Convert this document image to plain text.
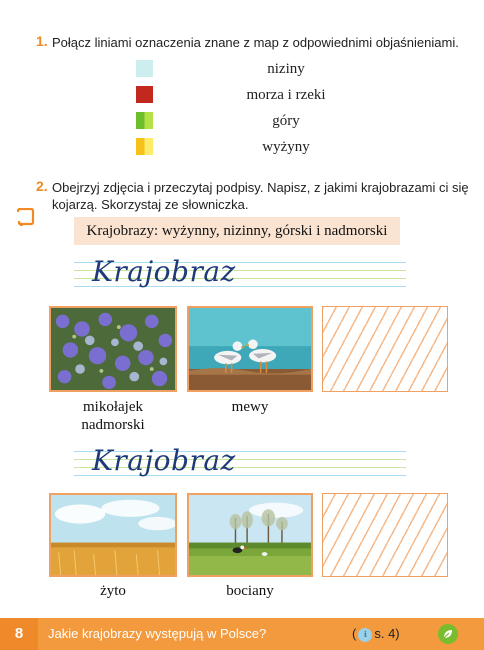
1. Połącz liniami oznaczenia znane z map z odpowiednimi objaśnieniami.
niziny
morza i rzeki
góry
wyżyny
2. Obejrzyj zdjęcia i przeczytaj podpisy. Napisz, z jakimi krajobrazami ci się
kojarzą. Skorzystaj ze słowniczka.
Krajobrazy: wyżynny, nizinny, górski i nadmorski
Krajobraz
mikołajek
nadmorski
mewy
Krajobraz
żyto	bociany
8	Jakie krajobrazy występują w Polsce?	( ℹ s. 4)
